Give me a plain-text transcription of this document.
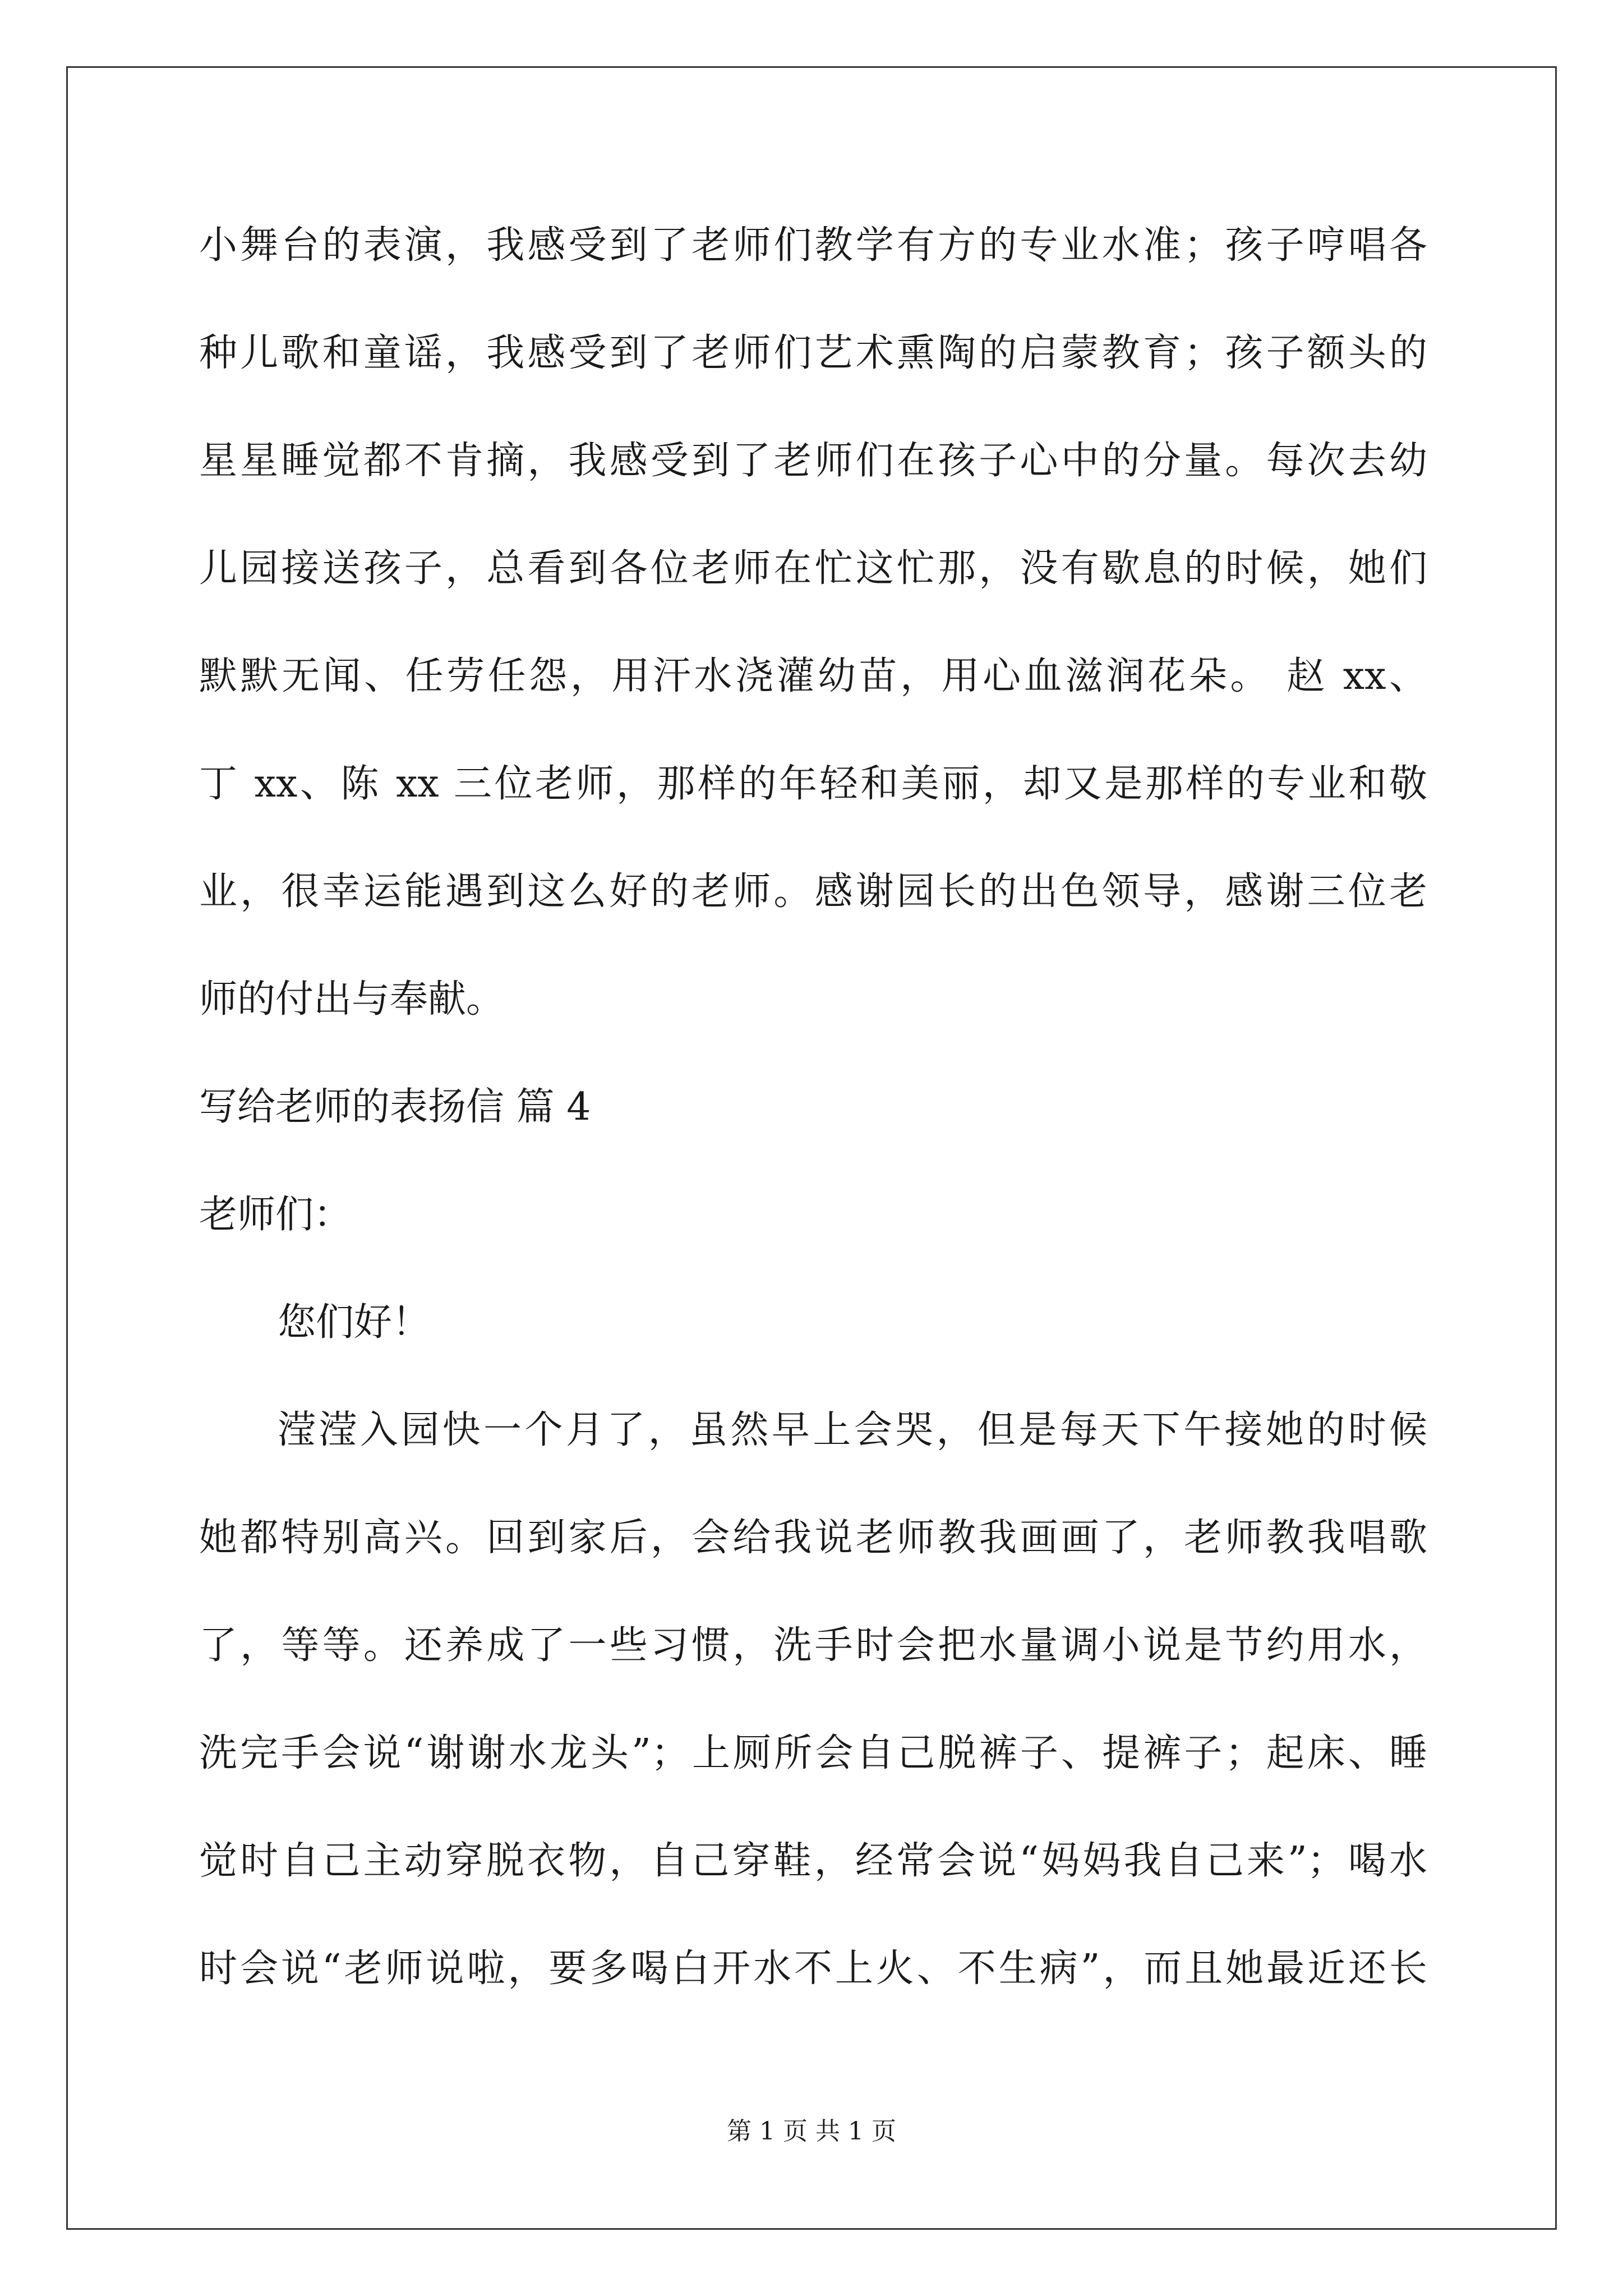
小舞台的表演，我感受到了老师们教学有方的专业水准；孩子哼唱各
种儿歌和童谣，我感受到了老师们艺术熏陶的启蒙教育；孩子额头的
星星睡觉都不肯摘，我感受到了老师们在孩子心中的分量。每次去幼
儿园接送孩子，总看到各位老师在忙这忙那，没有歇息的时候，她们
默默无闻、任劳任怨，用汗水浇灌幼苗，用心血滋润花朵。 赵 xx、
丁 xx、陈 xx 三位老师，那样的年轻和美丽，却又是那样的专业和敬
业，很幸运能遇到这么好的老师。感谢园长的出色领导，感谢三位老
师的付出与奉献。
写给老师的表扬信 篇 4
老师们：
您们好！
滢滢入园快一个月了，虽然早上会哭，但是每天下午接她的时候
她都特别高兴。回到家后，会给我说老师教我画画了，老师教我唱歌
了，等等。还养成了一些习惯，洗手时会把水量调小说是节约用水，
洗完手会说“谢谢水龙头”；上厕所会自己脱裤子、提裤子；起床、睡
觉时自己主动穿脱衣物，自己穿鞋，经常会说“妈妈我自己来”；喝水
时会说“老师说啦，要多喝白开水不上火、不生病”，而且她最近还长
第 1 页 共 1 页
